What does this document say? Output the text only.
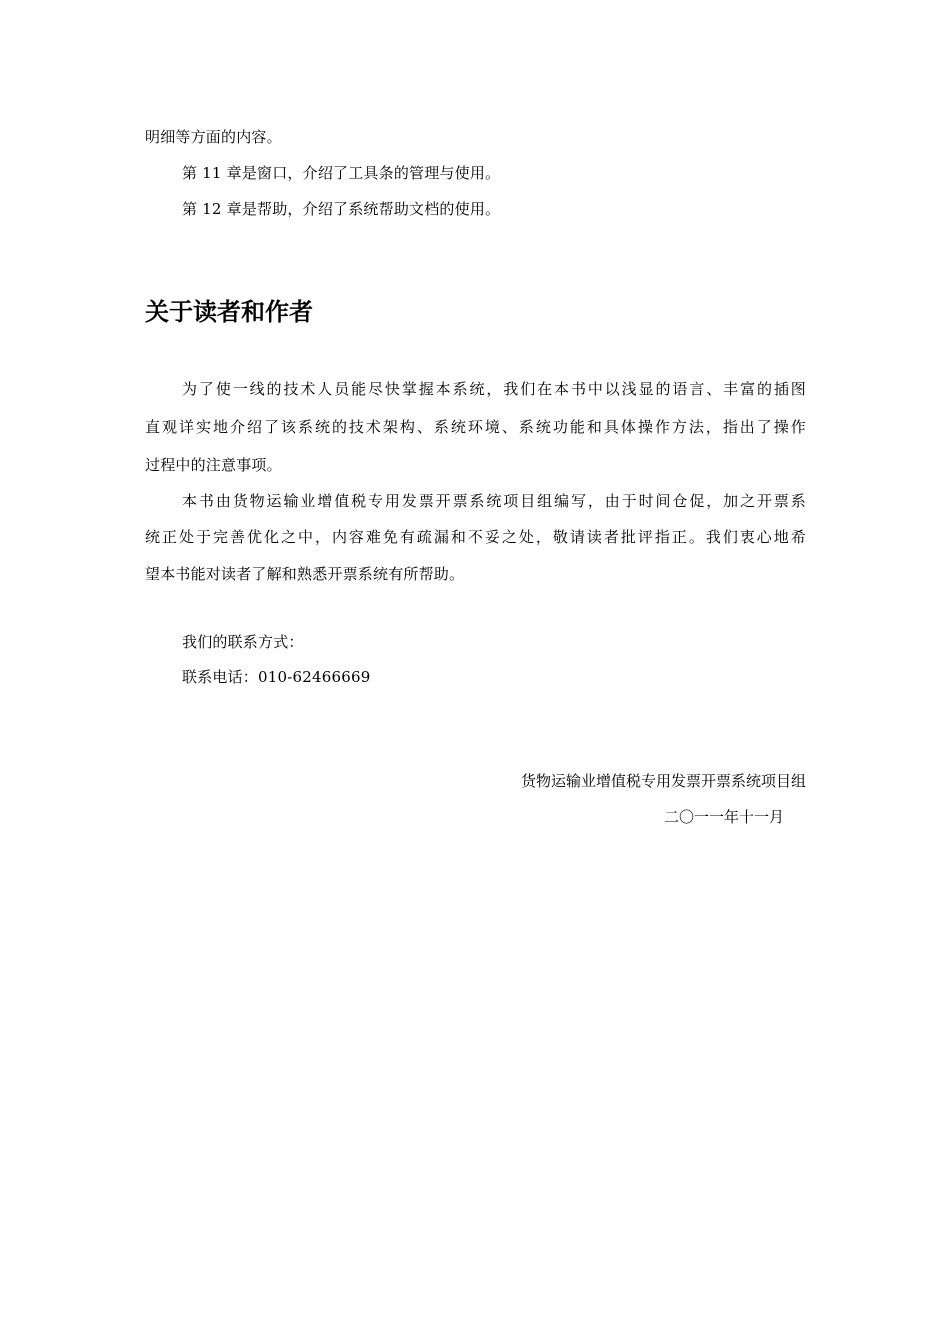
明细等方面的内容。
第 11 章是窗口，介绍了工具条的管理与使用。
第 12 章是帮助，介绍了系统帮助文档的使用。
关于读者和作者
为了使一线的技术人员能尽快掌握本系统，我们在本书中以浅显的语言、丰富的插图
直观详实地介绍了该系统的技术架构、系统环境、系统功能和具体操作方法，指出了操作
过程中的注意事项。
本书由货物运输业增值税专用发票开票系统项目组编写，由于时间仓促，加之开票系
统正处于完善优化之中，内容难免有疏漏和不妥之处，敬请读者批评指正。我们衷心地希
望本书能对读者了解和熟悉开票系统有所帮助。
我们的联系方式：
联系电话：010-62466669
货物运输业增值税专用发票开票系统项目组
二〇一一年十一月
